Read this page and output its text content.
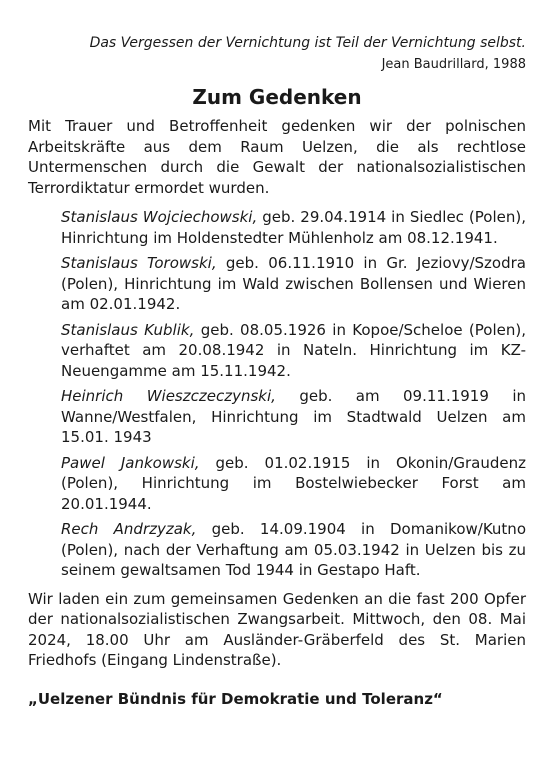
Das Vergessen der Vernichtung ist Teil der Vernichtung selbst.

Jean Baudrillard, 1988

Zum Gedenken

Mit Trauer und Betroffenheit gedenken wir der polnischen Arbeitskräfte aus dem Raum Uelzen, die als rechtlose Untermenschen durch die Gewalt der nationalsozialistischen Terrordiktatur ermordet wurden.

Stanislaus Wojciechowski, geb. 29.04.1914 in Siedlec (Polen), Hinrichtung im Holdenstedter Mühlenholz am 08.12.1941.

Stanislaus Torowski, geb. 06.11.1910 in Gr. Jeziovy/Szodra (Polen), Hinrichtung im Wald zwischen Bollensen und Wieren am 02.01.1942.

Stanislaus Kublik, geb. 08.05.1926 in Kopoe/Scheloe (Polen), verhaftet am 20.08.1942 in Nateln. Hinrichtung im KZ-Neuengamme am 15.11.1942.

Heinrich Wieszczeczynski, geb. am 09.11.1919 in Wanne/Westfalen, Hinrichtung im Stadtwald Uelzen am 15.01. 1943

Pawel Jankowski, geb. 01.02.1915 in Okonin/Graudenz (Polen), Hinrichtung im Bostelwiebecker Forst am 20.01.1944.

Rech Andrzyzak, geb. 14.09.1904 in Domanikow/Kutno (Polen), nach der Verhaftung am 05.03.1942 in Uelzen bis zu seinem gewaltsamen Tod 1944 in Gestapo Haft.

Wir laden ein zum gemeinsamen Gedenken an die fast 200 Opfer der nationalsozialistischen Zwangsarbeit. Mittwoch, den 08. Mai 2024, 18.00 Uhr am Ausländer-Gräberfeld des St. Marien Friedhofs (Eingang Lindenstraße).

„Uelzener Bündnis für Demokratie und Toleranz“
